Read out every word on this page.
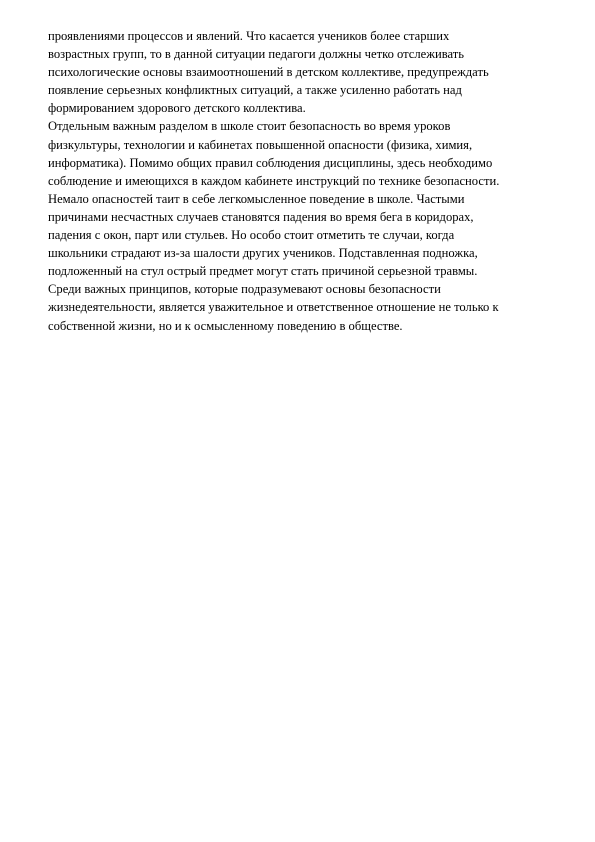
проявлениями процессов и явлений. Что касается учеников более старших
возрастных групп, то в данной ситуации педагоги должны четко отслеживать
психологические основы взаимоотношений в детском коллективе, предупреждать
появление серьезных конфликтных ситуаций, а также усиленно работать над
формированием здорового детского коллектива.
Отдельным важным разделом в школе стоит безопасность во время уроков
физкультуры, технологии и кабинетах повышенной опасности (физика, химия,
информатика). Помимо общих правил соблюдения дисциплины, здесь необходимо
соблюдение и имеющихся в каждом кабинете инструкций по технике безопасности.
Немало опасностей таит в себе легкомысленное поведение в школе. Частыми
причинами несчастных случаев становятся падения во время бега в коридорах,
падения с окон, парт или стульев. Но особо стоит отметить те случаи, когда
школьники страдают из-за шалости других учеников. Подставленная подножка,
подложенный на стул острый предмет могут стать причиной серьезной травмы.
Среди важных принципов, которые подразумевают основы безопасности
жизнедеятельности, является уважительное и ответственное отношение не только к
собственной жизни, но и к осмысленному поведению в обществе.
